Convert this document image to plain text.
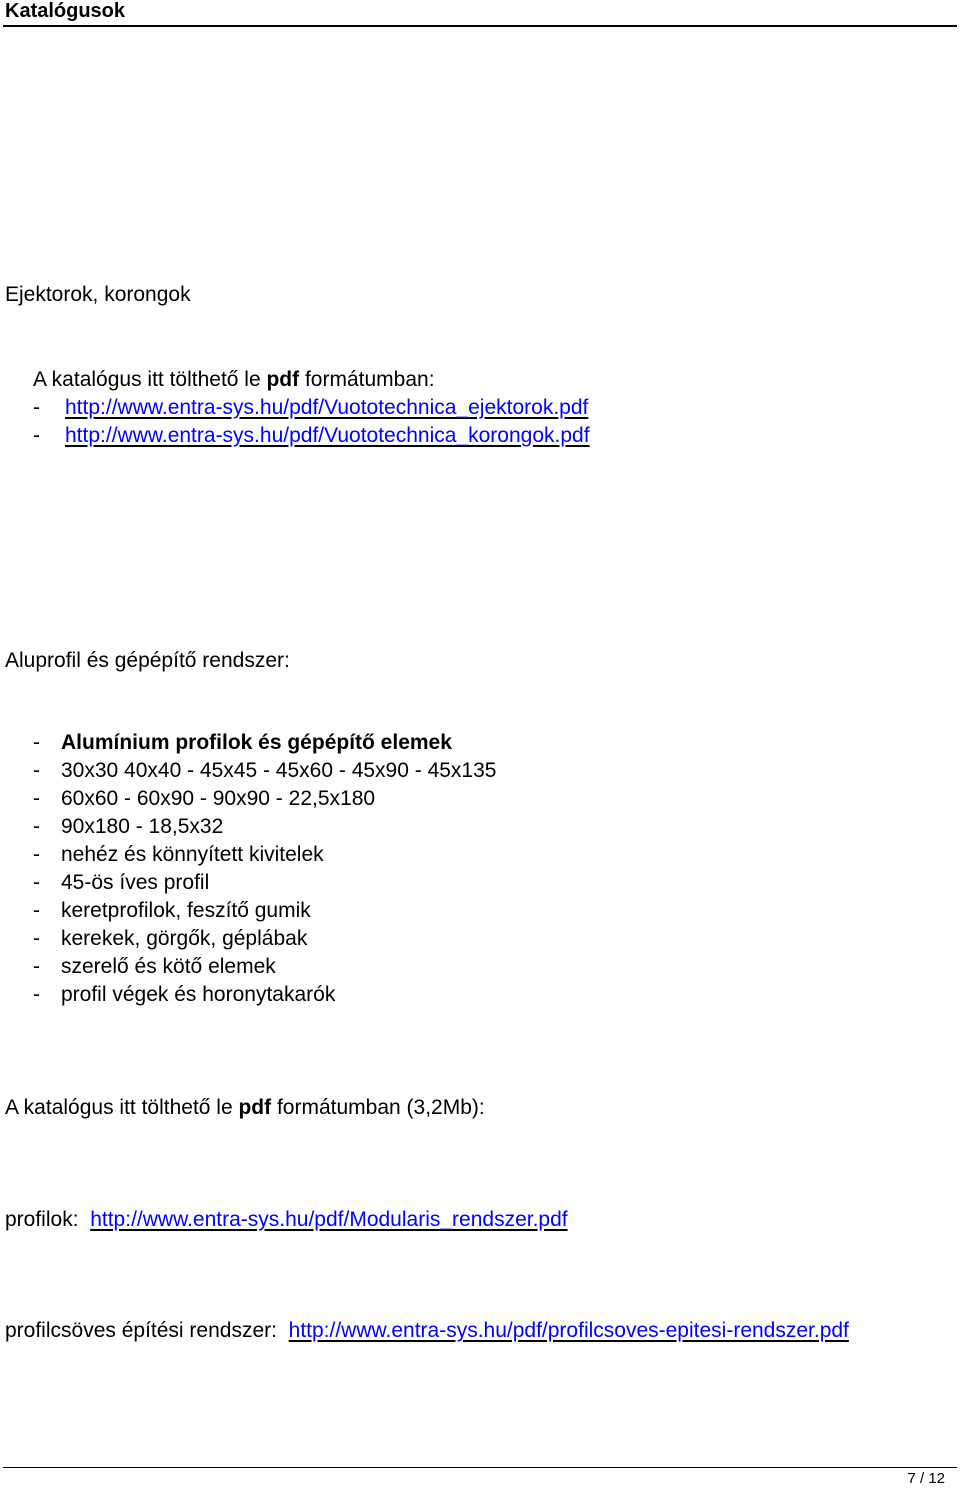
Katalógusok
Ejektorok, korongok
A katalógus itt tölthető le pdf formátumban:
- http://www.entra-sys.hu/pdf/Vuototechnica_ejektorok.pdf
- http://www.entra-sys.hu/pdf/Vuototechnica_korongok.pdf
Aluprofil és gépépítő rendszer:
- Alumínium profilok és gépépítő elemek
- 30x30 40x40 - 45x45 - 45x60 - 45x90 - 45x135
- 60x60 - 60x90 - 90x90 - 22,5x180
- 90x180 - 18,5x32
- nehéz és könnyített kivitelek
- 45-ös íves profil
- keretprofilok, feszítő gumik
- kerekek, görgők, géplábak
- szerelő és kötő elemek
- profil végek és horonytakarók
A katalógus itt tölthető le pdf formátumban (3,2Mb):
profilok: http://www.entra-sys.hu/pdf/Modularis_rendszer.pdf
profilcsöves építési rendszer: http://www.entra-sys.hu/pdf/profilcsoves-epitesi-rendszer.pdf
7 / 12
